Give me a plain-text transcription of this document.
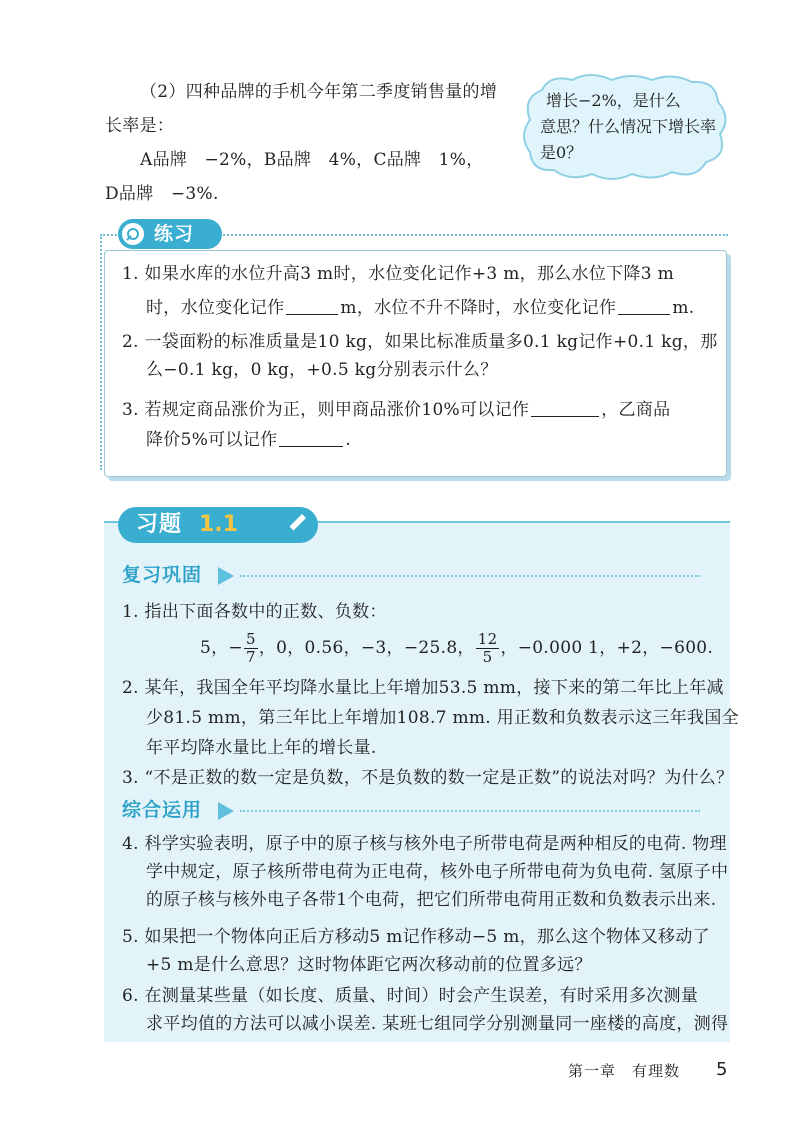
（2）四种品牌的手机今年第二季度销售量的增
长率是：
A品牌　−2%，B品牌　4%，C品牌　1%，
D品牌　−3%.
增长−2%，是什么
意思？什么情况下增长率
是0？
练习
1. 如果水库的水位升高3 m时，水位变化记作+3 m，那么水位下降3 m
时，水位变化记作	m，水位不升不降时，水位变化记作	m.
2. 一袋面粉的标准质量是10 kg，如果比标准质量多0.1 kg记作+0.1 kg，那
么−0.1 kg，0 kg，+0.5 kg分别表示什么？
3. 若规定商品涨价为正，则甲商品涨价10%可以记作	，乙商品
降价5%可以记作	.
习题 1.1
复习巩固
1. 指出下面各数中的正数、负数：
5，− $\frac{5}{7}$ ，0，0.56，−3，−25.8， $\frac{12}{5}$ ，−0.000 1，+2，−600.
2. 某年，我国全年平均降水量比上年增加53.5 mm，接下来的第二年比上年减
少81.5 mm，第三年比上年增加108.7 mm. 用正数和负数表示这三年我国全
年平均降水量比上年的增长量.
3. “不是正数的数一定是负数，不是负数的数一定是正数”的说法对吗？为什么？
综合运用
4. 科学实验表明，原子中的原子核与核外电子所带电荷是两种相反的电荷. 物理
学中规定，原子核所带电荷为正电荷，核外电子所带电荷为负电荷. 氢原子中
的原子核与核外电子各带1个电荷，把它们所带电荷用正数和负数表示出来.
5. 如果把一个物体向正后方移动5 m记作移动−5 m，那么这个物体又移动了
+5 m是什么意思？这时物体距它两次移动前的位置多远？
6. 在测量某些量（如长度、质量、时间）时会产生误差，有时采用多次测量
求平均值的方法可以减小误差. 某班七组同学分别测量同一座楼的高度，测得
第一章　有理数 5
